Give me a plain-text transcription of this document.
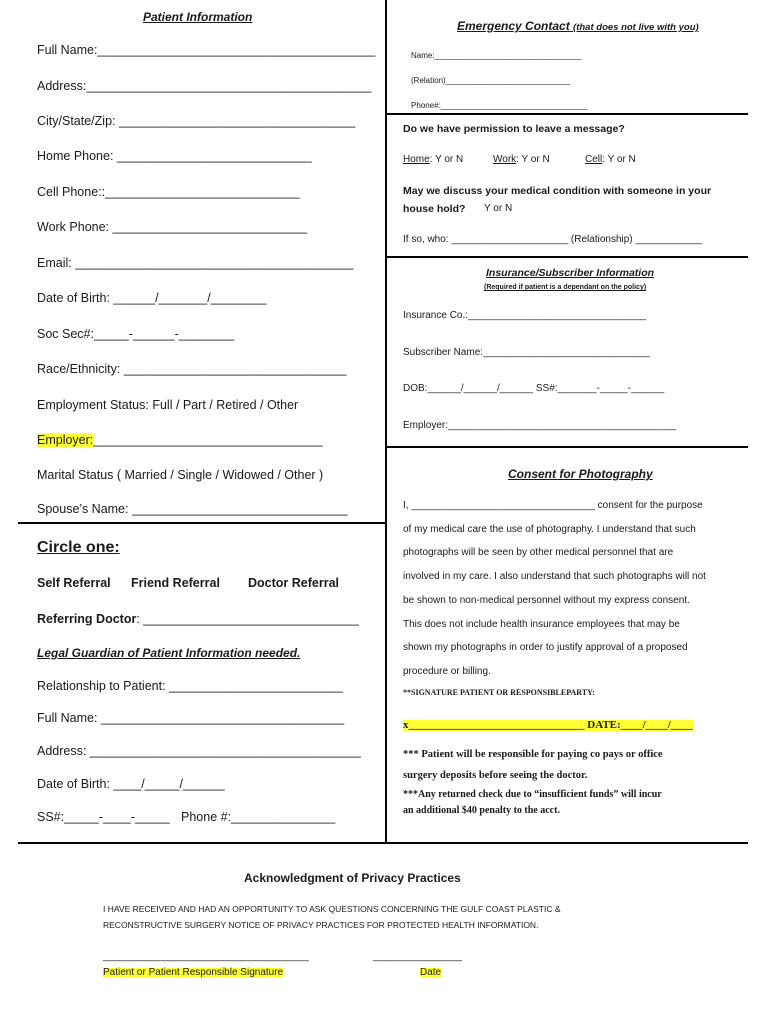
Patient Information
Full Name:________________________________________
Address:_________________________________________
City/State/Zip: __________________________________
Home Phone: ____________________________
Cell Phone::____________________________
Work Phone: ____________________________
Email: ________________________________________
Date of Birth: ______/_______/________
Soc Sec#:_____-______-________
Race/Ethnicity: ________________________________
Employment Status: Full / Part / Retired / Other
Employer:_________________________________
Marital Status ( Married / Single / Widowed / Other )
Spouse’s Name: _______________________________
Circle one:
Self Referral Friend Referral Doctor Referral
Referring Doctor: _______________________________
Legal Guardian of Patient Information needed.
Relationship to Patient: _________________________
Full Name: ___________________________________
Address: _______________________________________
Date of Birth: ____/_____/______
SS#:_____-____-_____ Phone #:_______________
Emergency Contact (that does not live with you)
Name:_________________________________
(Relation)____________________________
Phone#:_________________________________
Do we have permission to leave a message?
Home: Y or N	Work: Y or N	Cell: Y or N
May we discuss your medical condition with someone in your
house hold? Y or N
If so, who: _____________________ (Relationship) ____________
Insurance/Subscriber Information
(Required if patient is a dependant on the policy)
Insurance Co.:________________________________
Subscriber Name:______________________________
DOB:______/______/______ SS#:_______-_____-______
Employer:_________________________________________
Consent for Photography
I, _________________________________ consent for the purpose
of my medical care the use of photography. I understand that such
photographs will be seen by other medical personnel that are
involved in my care. I also understand that such photographs will not
be shown to non-medical personnel without my express consent.
This does not include health insurance employees that may be
shown my photographs in order to justify approval of a proposed
procedure or billing.
**SIGNATURE PATIENT OR RESPONSIBLEPARTY:
x________________________________ DATE:____/____/____
*** Patient will be responsible for paying co pays or office
surgery deposits before seeing the doctor.
***Any returned check due to “insufficient funds” will incur
an additional $40 penalty to the acct.
Acknowledgment of Privacy Practices
I HAVE RECEIVED AND HAD AN OPPORTUNITY TO ASK QUESTIONS CONCERNING THE GULF COAST PLASTIC &
RECONSTRUCTIVE SURGERY NOTICE OF PRIVACY PRACTICES FOR PROTECTED HEALTH INFORMATION.
_____________________________________	________________
Patient or Patient Responsible Signature	Date
